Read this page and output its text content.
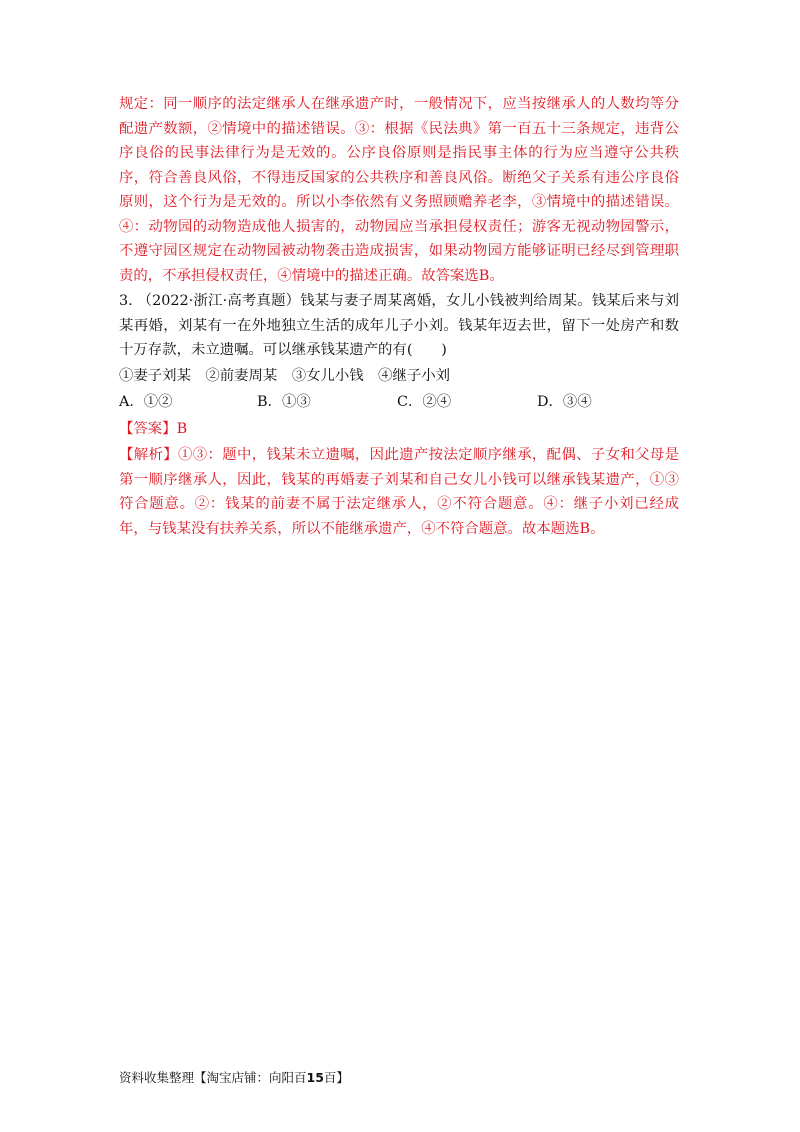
规定：同一顺序的法定继承人在继承遗产时，一般情况下，应当按继承人的人数均等分配遗产数额，②情境中的描述错误。③：根据《民法典》第一百五十三条规定，违背公序良俗的民事法律行为是无效的。公序良俗原则是指民事主体的行为应当遵守公共秩序，符合善良风俗，不得违反国家的公共秩序和善良风俗。断绝父子关系有违公序良俗原则，这个行为是无效的。所以小李依然有义务照顾赡养老李，③情境中的描述错误。④：动物园的动物造成他人损害的，动物园应当承担侵权责任；游客无视动物园警示，不遵守园区规定在动物园被动物袭击造成损害，如果动物园方能够证明已经尽到管理职责的，不承担侵权责任，④情境中的描述正确。故答案选B。

3. （2022·浙江·高考真题）钱某与妻子周某离婚，女儿小钱被判给周某。钱某后来与刘某再婚，刘某有一在外地独立生活的成年儿子小刘。钱某年迈去世，留下一处房产和数十万存款，未立遗嘱。可以继承钱某遗产的有(　　)

①妻子刘某　②前妻周某　③女儿小钱　④继子小刘

A．①②	B．①③	C．②④	D．③④

【答案】B

【解析】①③：题中，钱某未立遗嘱，因此遗产按法定顺序继承，配偶、子女和父母是第一顺序继承人，因此，钱某的再婚妻子刘某和自己女儿小钱可以继承钱某遗产，①③符合题意。②：钱某的前妻不属于法定继承人，②不符合题意。④：继子小刘已经成年，与钱某没有扶养关系，所以不能继承遗产，④不符合题意。故本题选B。

资料收集整理【淘宝店铺：向阳百15百】
